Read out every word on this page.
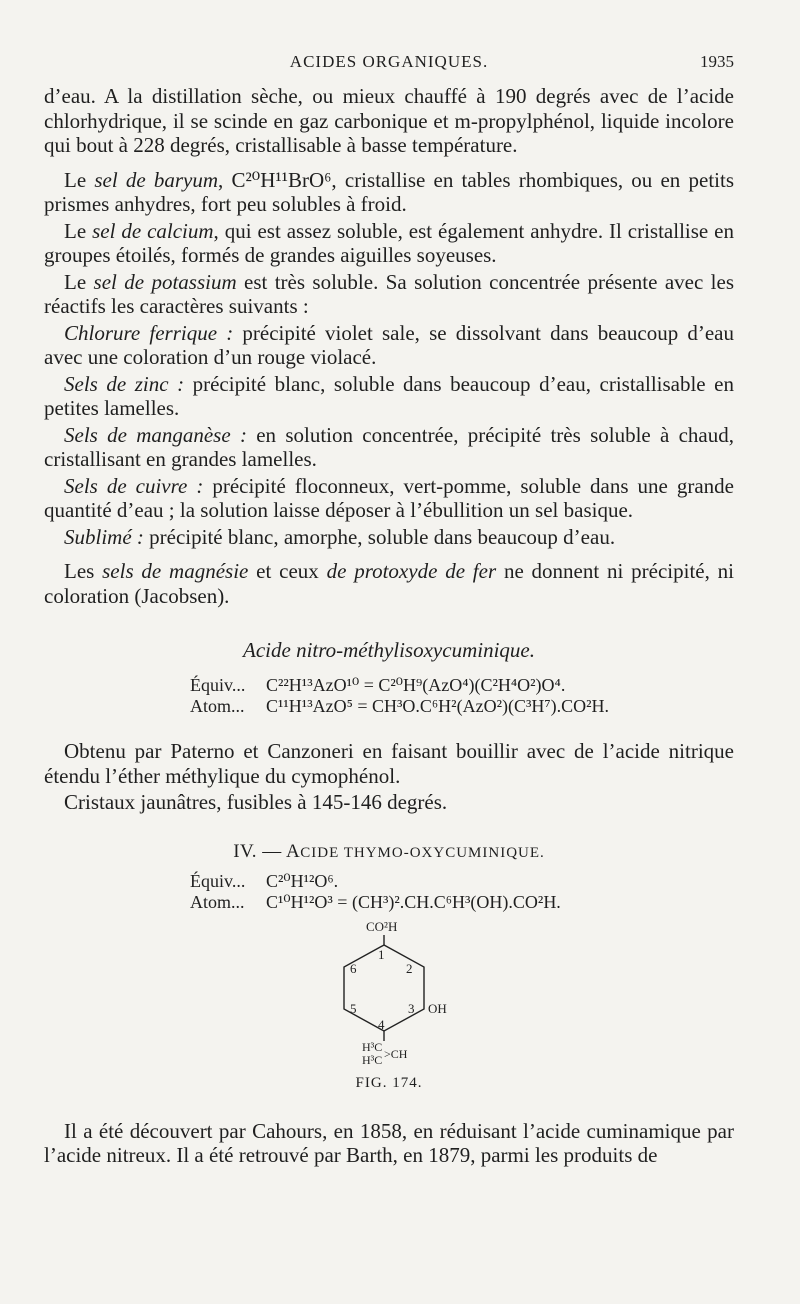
ACIDES ORGANIQUES.	1935

d’eau. A la distillation sèche, ou mieux chauffé à 190 degrés avec de l’acide chlorhydrique, il se scinde en gaz carbonique et m-propylphénol, liquide incolore qui bout à 228 degrés, cristallisable à basse température.

Le sel de baryum, C²⁰H¹¹BrO⁶, cristallise en tables rhombiques, ou en petits prismes anhydres, fort peu solubles à froid.

Le sel de calcium, qui est assez soluble, est également anhydre. Il cristallise en groupes étoilés, formés de grandes aiguilles soyeuses.

Le sel de potassium est très soluble. Sa solution concentrée présente avec les réactifs les caractères suivants :

Chlorure ferrique : précipité violet sale, se dissolvant dans beaucoup d’eau avec une coloration d’un rouge violacé.

Sels de zinc : précipité blanc, soluble dans beaucoup d’eau, cristallisable en petites lamelles.

Sels de manganèse : en solution concentrée, précipité très soluble à chaud, cristallisant en grandes lamelles.

Sels de cuivre : précipité floconneux, vert-pomme, soluble dans une grande quantité d’eau ; la solution laisse déposer à l’ébullition un sel basique.

Sublimé : précipité blanc, amorphe, soluble dans beaucoup d’eau.

Les sels de magnésie et ceux de protoxyde de fer ne donnent ni précipité, ni coloration (Jacobsen).

Acide nitro-méthylisoxycuminique.
Équiv... C²²H¹³AzO¹⁰ = C²⁰H⁹(AzO⁴)(C²H⁴O²)O⁴.
Atom... C¹¹H¹³AzO⁵ = CH³O.C⁶H²(AzO²)(C³H⁷).CO²H.

Obtenu par Paterno et Canzoneri en faisant bouillir avec de l’acide nitrique étendu l’éther méthylique du cymophénol.

Cristaux jaunâtres, fusibles à 145-146 degrés.

IV. — ACIDE THYMO-OXYCUMINIQUE.
Équiv... C²⁰H¹²O⁶.
Atom... C¹⁰H¹²O³ = (CH³)².CH.C⁶H³(OH).CO²H.
CO²H
1
2
3
4
5
6
OH
H³C
H³C >CH
FIG. 174.

Il a été découvert par Cahours, en 1858, en réduisant l’acide cuminamique par l’acide nitreux. Il a été retrouvé par Barth, en 1879, parmi les produits de
